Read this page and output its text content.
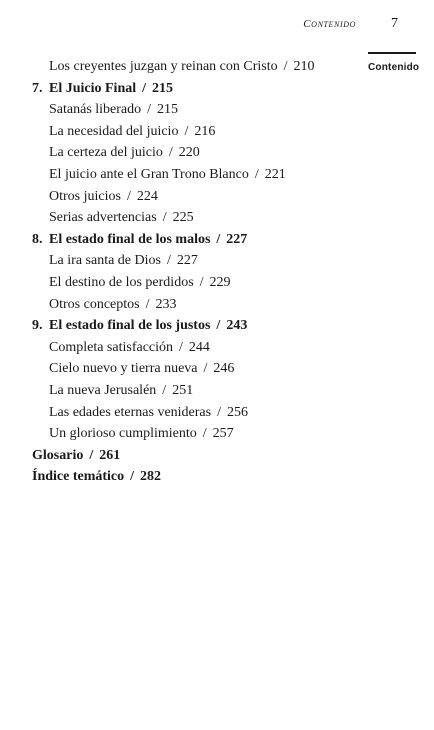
Contenido	7
Contenido
Los creyentes juzgan y reinan con Cristo / 210
7. El Juicio Final / 215
Satanás liberado / 215
La necesidad del juicio / 216
La certeza del juicio / 220
El juicio ante el Gran Trono Blanco / 221
Otros juicios / 224
Serias advertencias / 225
8. El estado final de los malos / 227
La ira santa de Dios / 227
El destino de los perdidos / 229
Otros conceptos / 233
9. El estado final de los justos / 243
Completa satisfacción / 244
Cielo nuevo y tierra nueva / 246
La nueva Jerusalén / 251
Las edades eternas venideras / 256
Un glorioso cumplimiento / 257
Glosario / 261
Índice temático / 282
